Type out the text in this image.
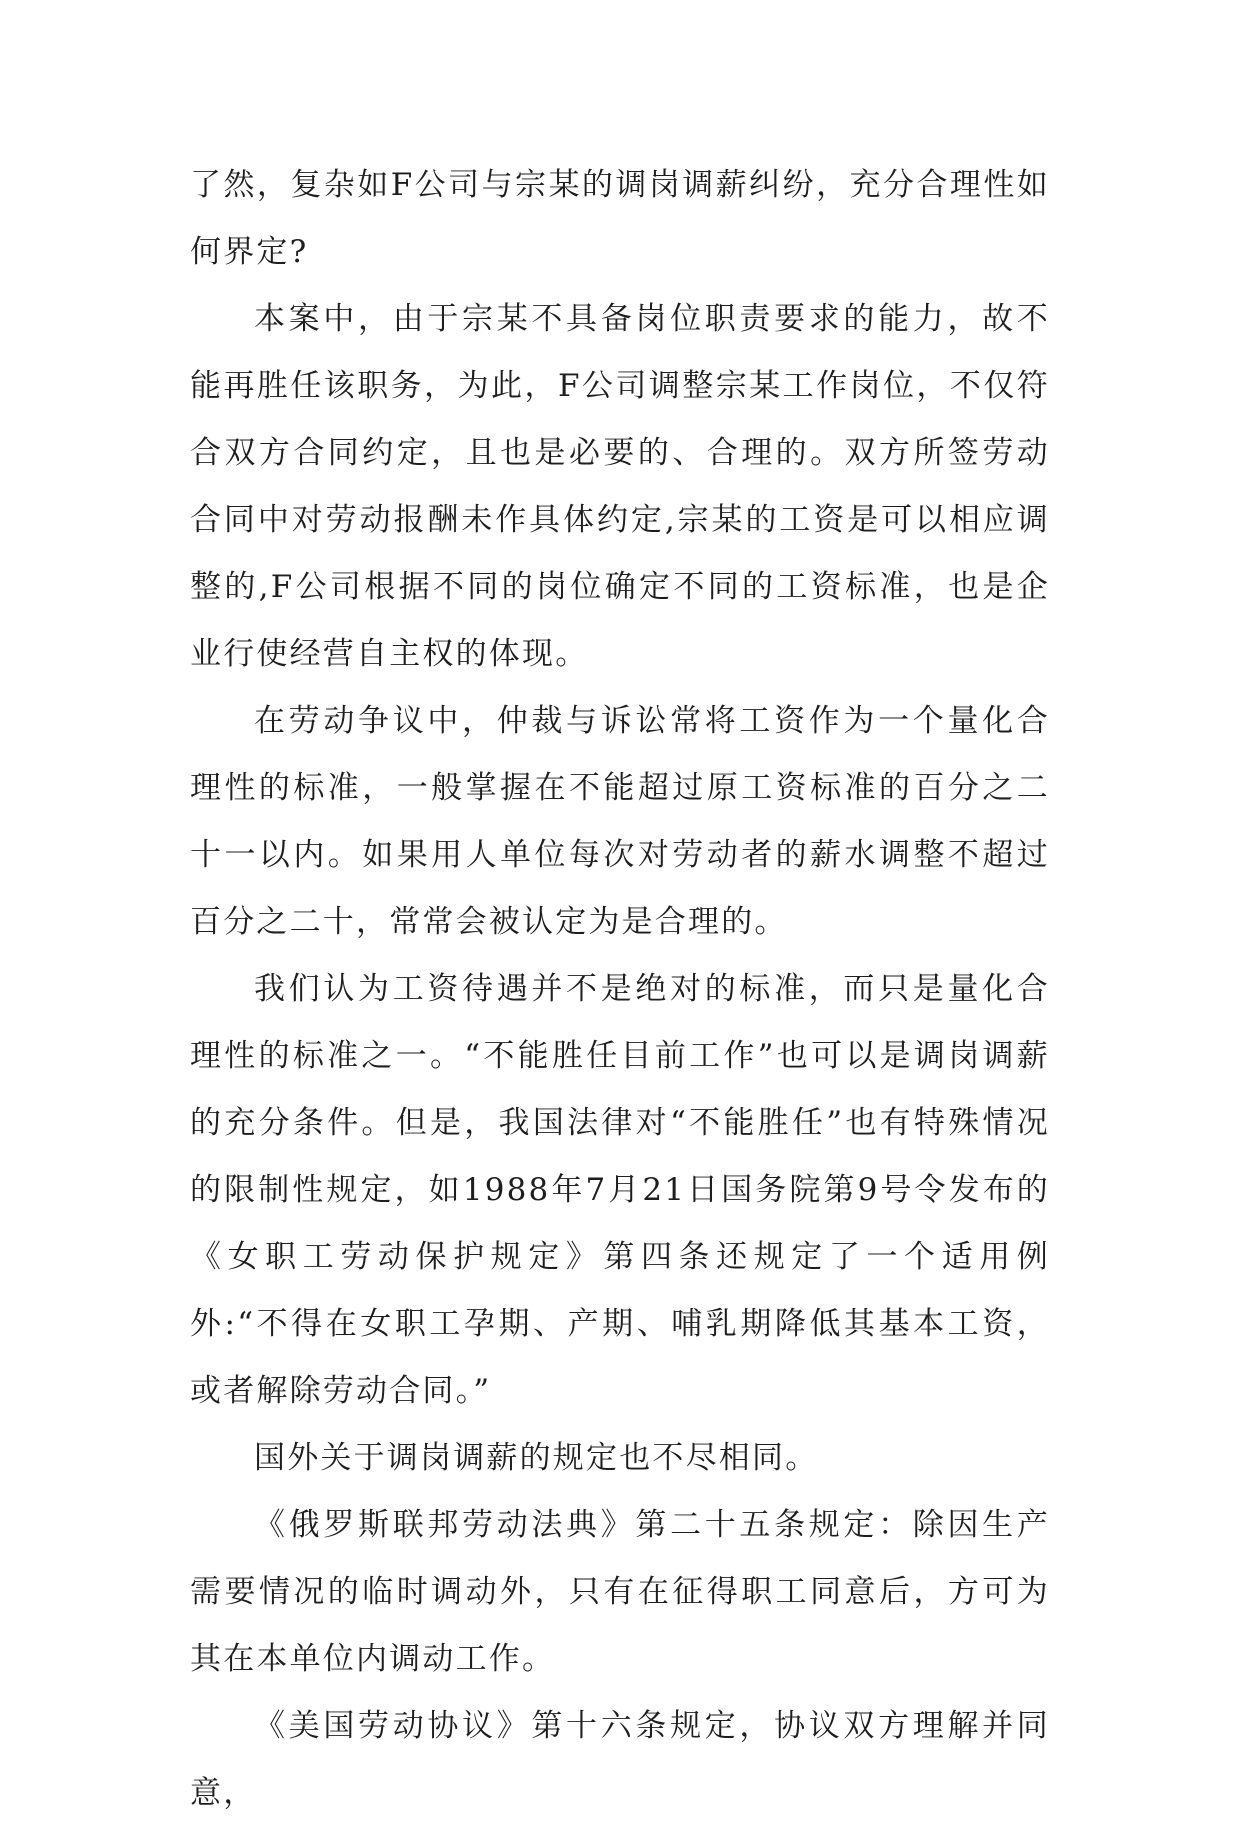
了然，复杂如F公司与宗某的调岗调薪纠纷，充分合理性如何界定?

本案中，由于宗某不具备岗位职责要求的能力，故不能再胜任该职务，为此，F公司调整宗某工作岗位，不仅符合双方合同约定，且也是必要的、合理的。双方所签劳动合同中对劳动报酬未作具体约定,宗某的工资是可以相应调整的,F公司根据不同的岗位确定不同的工资标准，也是企业行使经营自主权的体现。

在劳动争议中，仲裁与诉讼常将工资作为一个量化合理性的标准，一般掌握在不能超过原工资标准的百分之二十一以内。如果用人单位每次对劳动者的薪水调整不超过百分之二十，常常会被认定为是合理的。

我们认为工资待遇并不是绝对的标准，而只是量化合理性的标准之一。“不能胜任目前工作”也可以是调岗调薪的充分条件。但是，我国法律对“不能胜任”也有特殊情况的限制性规定，如1988年7月21日国务院第9号令发布的《女职工劳动保护规定》第四条还规定了一个适用例外:“不得在女职工孕期、产期、哺乳期降低其基本工资，或者解除劳动合同。”

国外关于调岗调薪的规定也不尽相同。

《俄罗斯联邦劳动法典》第二十五条规定：除因生产需要情况的临时调动外，只有在征得职工同意后，方可为其在本单位内调动工作。

《美国劳动协议》第十六条规定，协议双方理解并同意，
